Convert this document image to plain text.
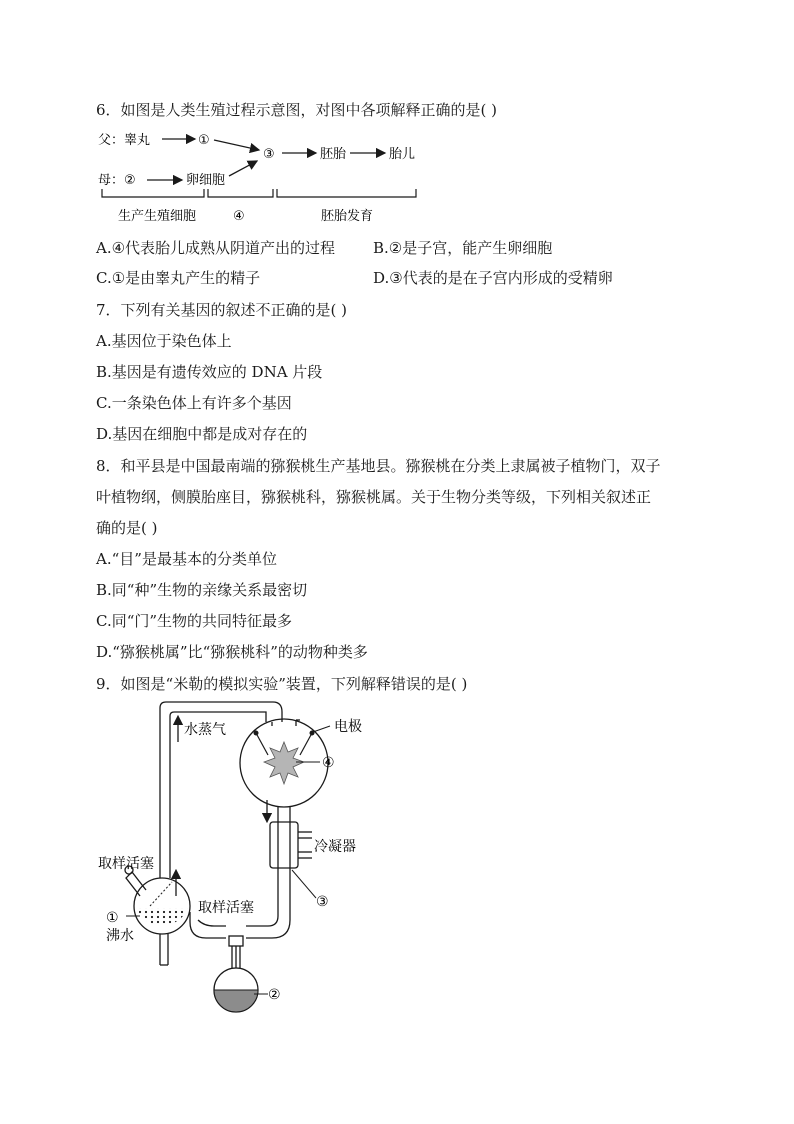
6．如图是人类生殖过程示意图，对图中各项解释正确的是( )
父：睾丸	①
③	胚胎	胎儿
母：②	卵细胞
生产生殖细胞	④	胚胎发育
A.④代表胎儿成熟从阴道产出的过程	B.②是子宫，能产生卵细胞
C.①是由睾丸产生的精子	D.③代表的是在子宫内形成的受精卵
7．下列有关基因的叙述不正确的是( )
A.基因位于染色体上
B.基因是有遗传效应的 DNA 片段
C.一条染色体上有许多个基因
D.基因在细胞中都是成对存在的
8．和平县是中国最南端的猕猴桃生产基地县。猕猴桃在分类上隶属被子植物门，双子
叶植物纲，侧膜胎座目，猕猴桃科，猕猴桃属。关于生物分类等级，下列相关叙述正
确的是( )
A.“目”是最基本的分类单位
B.同“种”生物的亲缘关系最密切
C.同“门”生物的共同特征最多
D.“猕猴桃属”比“猕猴桃科”的动物种类多
9．如图是“米勒的模拟实验”装置，下列解释错误的是( )
水蒸气	电极
④
冷凝器
③
取样活塞
取样活塞
①
沸水
②
